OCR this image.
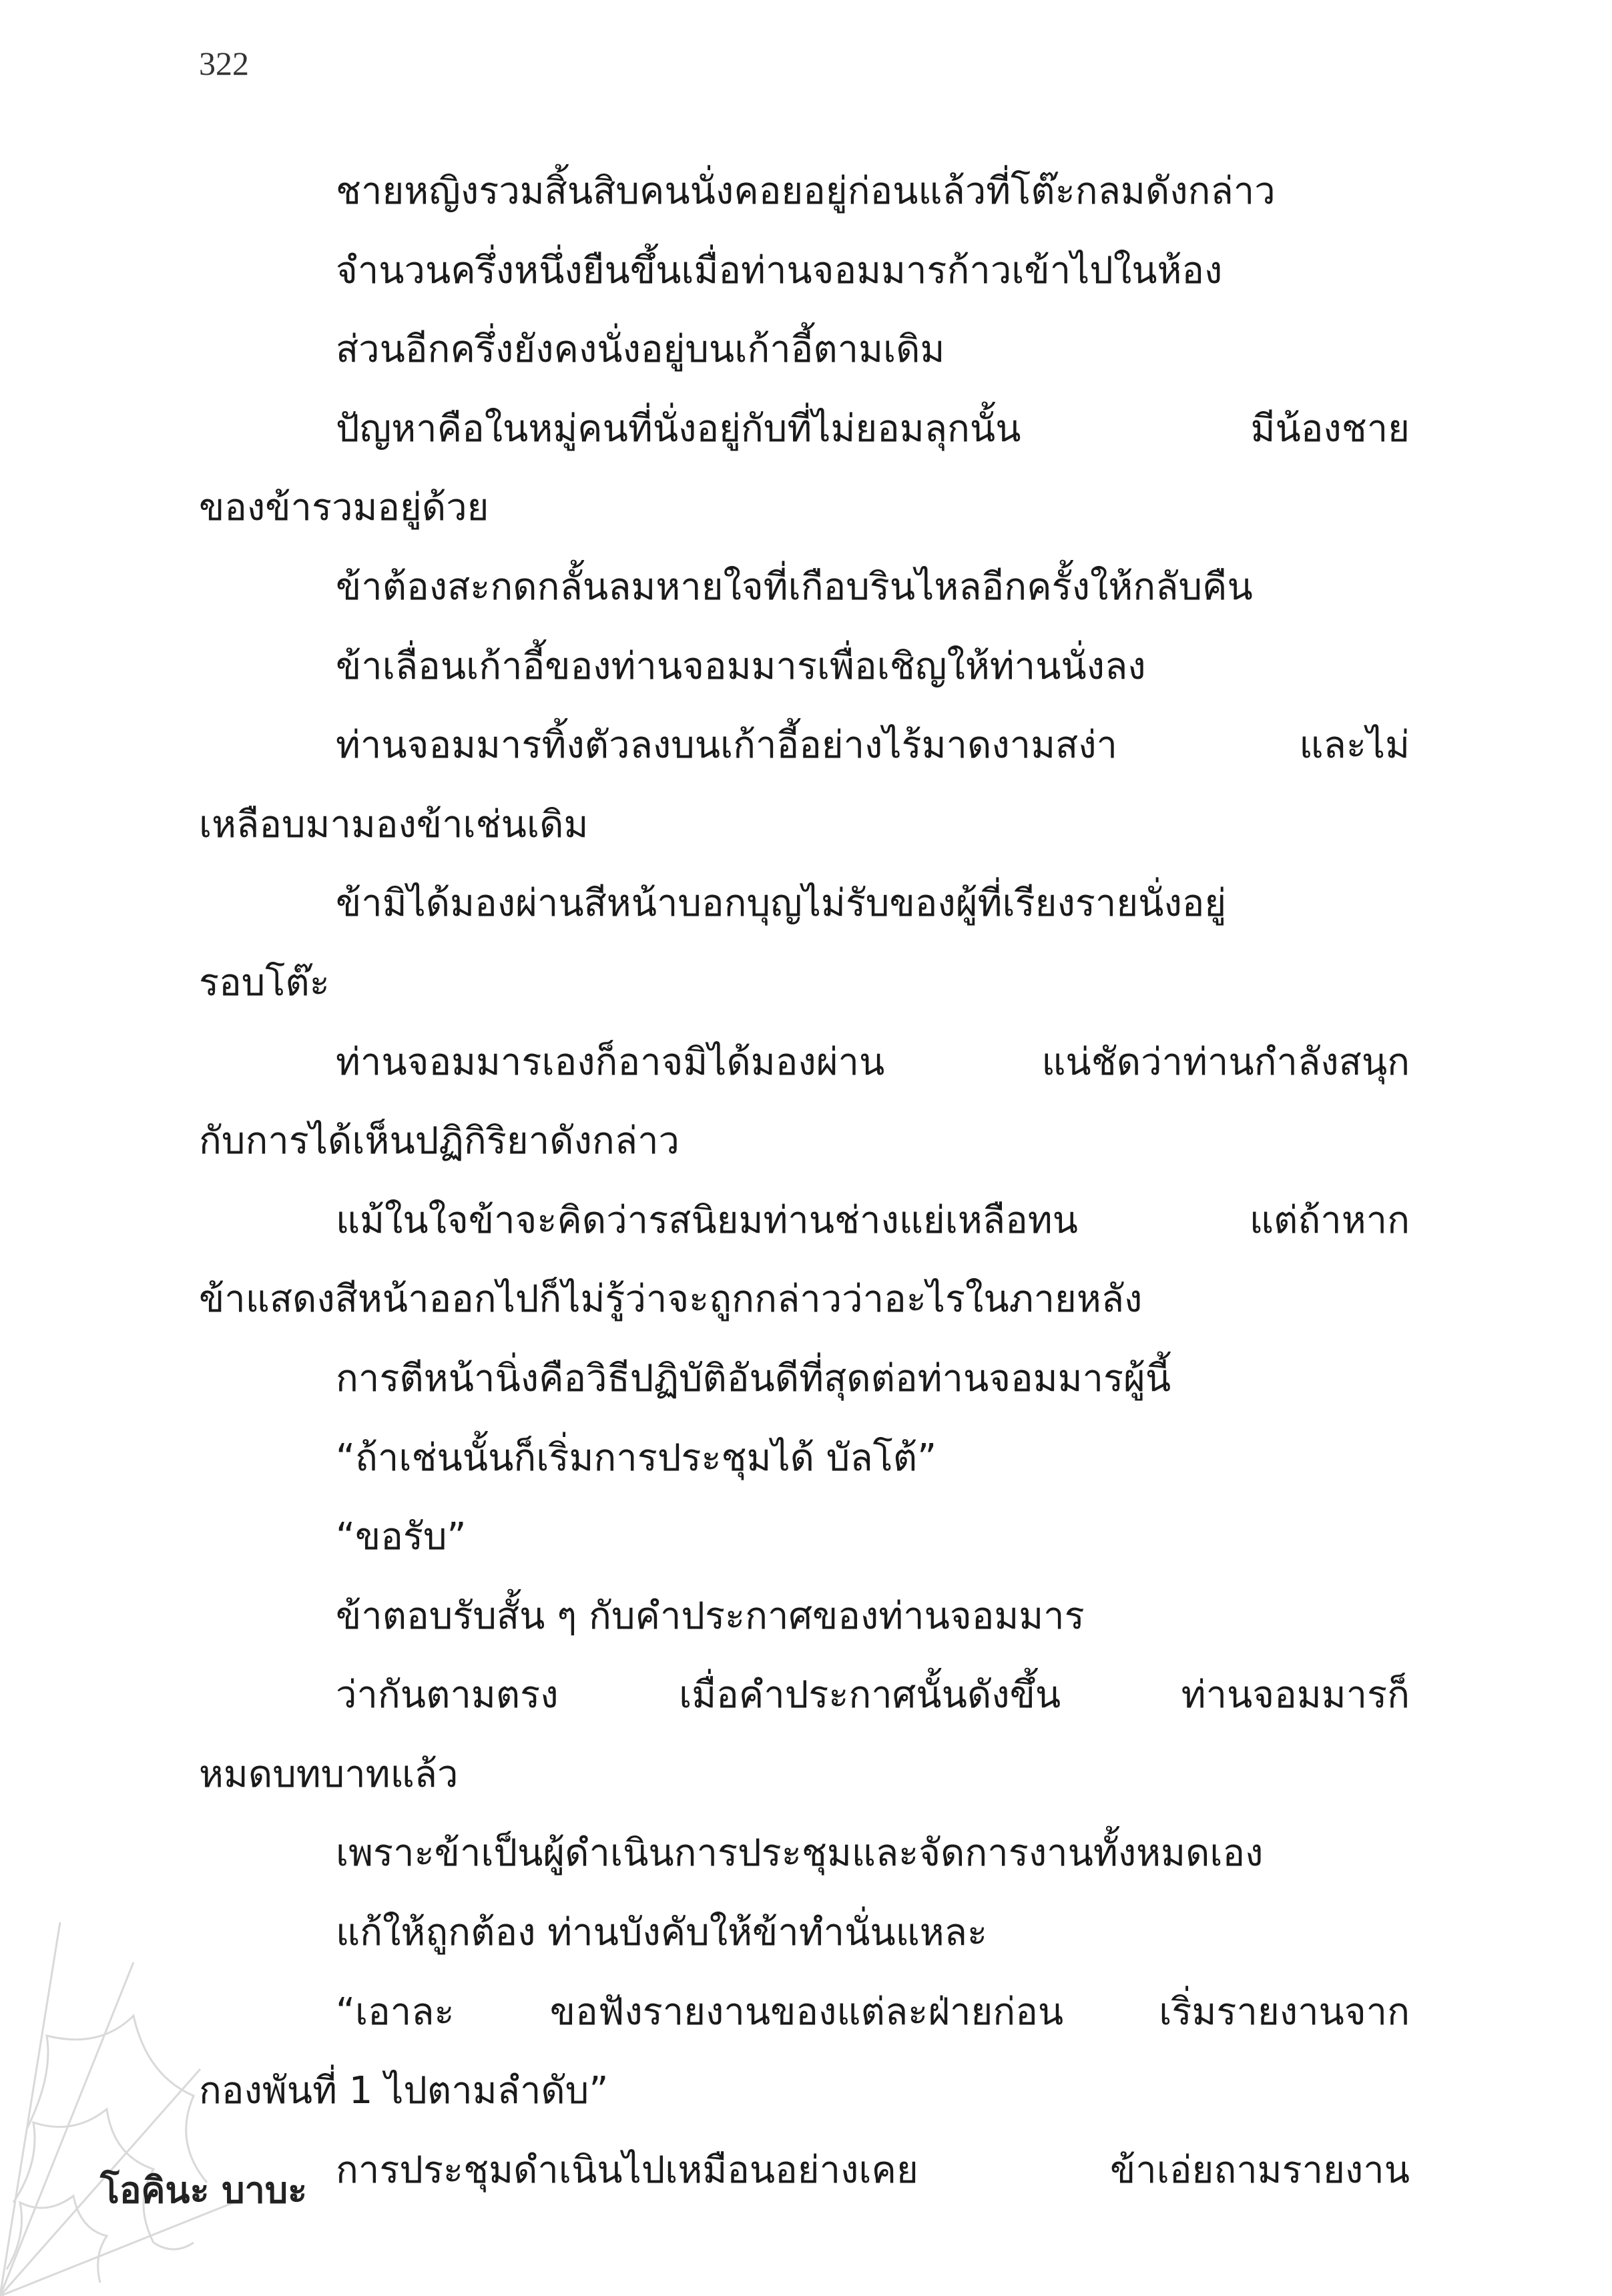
322
ชายหญิงรวมสิ้นสิบคนนั่งคอยอยู่ก่อนแล้วที่โต๊ะกลมดังกล่าว
จำนวนครึ่งหนึ่งยืนขึ้นเมื่อท่านจอมมารก้าวเข้าไปในห้อง
ส่วนอีกครึ่งยังคงนั่งอยู่บนเก้าอี้ตามเดิม
ปัญหาคือในหมู่คนที่นั่งอยู่กับที่ไม่ยอมลุกนั้น มีน้องชาย
ของข้ารวมอยู่ด้วย
ข้าต้องสะกดกลั้นลมหายใจที่เกือบรินไหลอีกครั้งให้กลับคืน
ข้าเลื่อนเก้าอี้ของท่านจอมมารเพื่อเชิญให้ท่านนั่งลง
ท่านจอมมารทิ้งตัวลงบนเก้าอี้อย่างไร้มาดงามสง่า และไม่
เหลือบมามองข้าเช่นเดิม
ข้ามิได้มองผ่านสีหน้าบอกบุญไม่รับของผู้ที่เรียงรายนั่งอยู่
รอบโต๊ะ
ท่านจอมมารเองก็อาจมิได้มองผ่าน แน่ชัดว่าท่านกำลังสนุก
กับการได้เห็นปฏิกิริยาดังกล่าว
แม้ในใจข้าจะคิดว่ารสนิยมท่านช่างแย่เหลือทน แต่ถ้าหาก
ข้าแสดงสีหน้าออกไปก็ไม่รู้ว่าจะถูกกล่าวว่าอะไรในภายหลัง
การตีหน้านิ่งคือวิธีปฏิบัติอันดีที่สุดต่อท่านจอมมารผู้นี้
“ถ้าเช่นนั้นก็เริ่มการประชุมได้ บัลโต้”
“ขอรับ”
ข้าตอบรับสั้น ๆ กับคำประกาศของท่านจอมมาร
ว่ากันตามตรง เมื่อคำประกาศนั้นดังขึ้น ท่านจอมมารก็
หมดบทบาทแล้ว
เพราะข้าเป็นผู้ดำเนินการประชุมและจัดการงานทั้งหมดเอง
แก้ให้ถูกต้อง ท่านบังคับให้ข้าทำนั่นแหละ
“เอาละ ขอฟังรายงานของแต่ละฝ่ายก่อน เริ่มรายงานจาก
กองพันที่ 1 ไปตามลำดับ”
การประชุมดำเนินไปเหมือนอย่างเคย ข้าเอ่ยถามรายงาน
โอคินะ บาบะ
